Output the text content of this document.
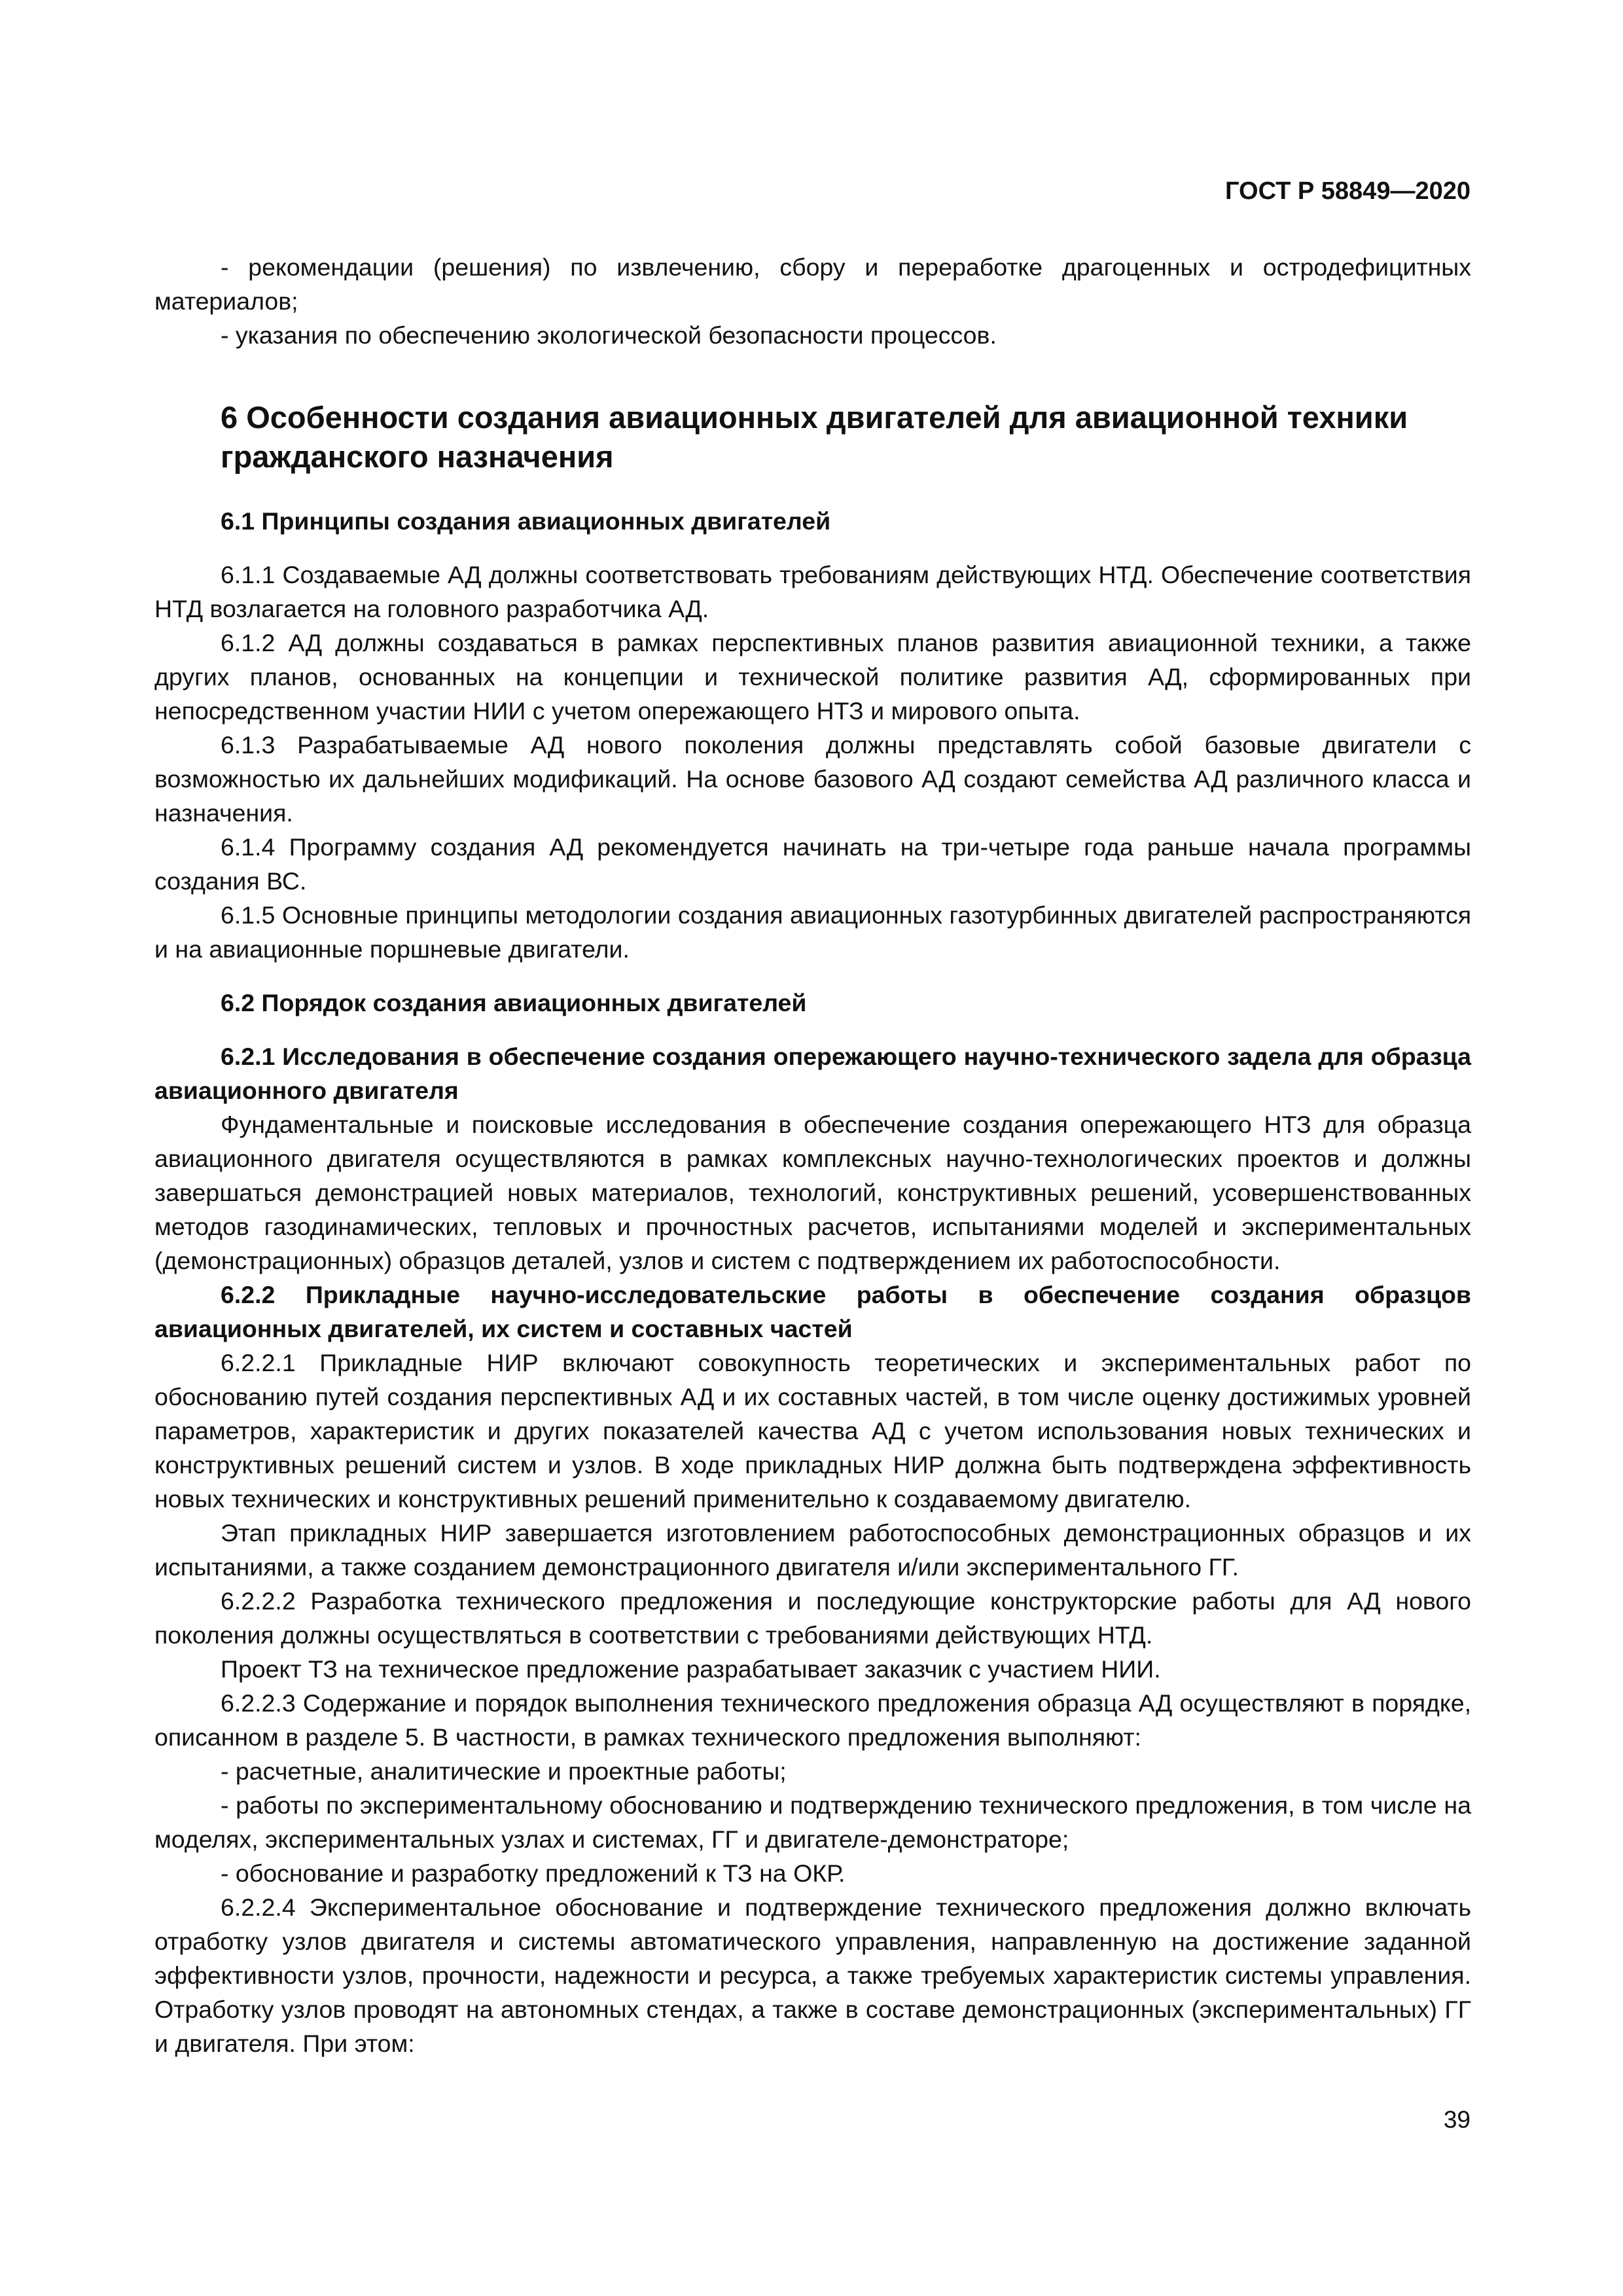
ГОСТ Р 58849—2020

- рекомендации (решения) по извлечению, сбору и переработке драгоценных и остродефицитных материалов;

- указания по обеспечению экологической безопасности процессов.

6 Особенности создания авиационных двигателей для авиационной техники гражданского назначения
6.1 Принципы создания авиационных двигателей

6.1.1 Создаваемые АД должны соответствовать требованиям действующих НТД. Обеспечение соответствия НТД возлагается на головного разработчика АД.

6.1.2 АД должны создаваться в рамках перспективных планов развития авиационной техники, а также других планов, основанных на концепции и технической политике развития АД, сформированных при непосредственном участии НИИ с учетом опережающего НТЗ и мирового опыта.

6.1.3 Разрабатываемые АД нового поколения должны представлять собой базовые двигатели с возможностью их дальнейших модификаций. На основе базового АД создают семейства АД различного класса и назначения.

6.1.4 Программу создания АД рекомендуется начинать на три-четыре года раньше начала программы создания ВС.

6.1.5 Основные принципы методологии создания авиационных газотурбинных двигателей распространяются и на авиационные поршневые двигатели.

6.2 Порядок создания авиационных двигателей
6.2.1 Исследования в обеспечение создания опережающего научно-технического задела для образца авиационного двигателя

Фундаментальные и поисковые исследования в обеспечение создания опережающего НТЗ для образца авиационного двигателя осуществляются в рамках комплексных научно-технологических проектов и должны завершаться демонстрацией новых материалов, технологий, конструктивных решений, усовершенствованных методов газодинамических, тепловых и прочностных расчетов, испытаниями моделей и экспериментальных (демонстрационных) образцов деталей, узлов и систем с подтверждением их работоспособности.

6.2.2 Прикладные научно-исследовательские работы в обеспечение создания образцов авиационных двигателей, их систем и составных частей

6.2.2.1 Прикладные НИР включают совокупность теоретических и экспериментальных работ по обоснованию путей создания перспективных АД и их составных частей, в том числе оценку достижимых уровней параметров, характеристик и других показателей качества АД с учетом использования новых технических и конструктивных решений систем и узлов. В ходе прикладных НИР должна быть подтверждена эффективность новых технических и конструктивных решений применительно к создаваемому двигателю.

Этап прикладных НИР завершается изготовлением работоспособных демонстрационных образцов и их испытаниями, а также созданием демонстрационного двигателя и/или экспериментального ГГ.

6.2.2.2 Разработка технического предложения и последующие конструкторские работы для АД нового поколения должны осуществляться в соответствии с требованиями действующих НТД.

Проект ТЗ на техническое предложение разрабатывает заказчик с участием НИИ.

6.2.2.3 Содержание и порядок выполнения технического предложения образца АД осуществляют в порядке, описанном в разделе 5. В частности, в рамках технического предложения выполняют:

- расчетные, аналитические и проектные работы;

- работы по экспериментальному обоснованию и подтверждению технического предложения, в том числе на моделях, экспериментальных узлах и системах, ГГ и двигателе-демонстраторе;

- обоснование и разработку предложений к ТЗ на ОКР.

6.2.2.4 Экспериментальное обоснование и подтверждение технического предложения должно включать отработку узлов двигателя и системы автоматического управления, направленную на достижение заданной эффективности узлов, прочности, надежности и ресурса, а также требуемых характеристик системы управления. Отработку узлов проводят на автономных стендах, а также в составе демонстрационных (экспериментальных) ГГ и двигателя. При этом:

39
